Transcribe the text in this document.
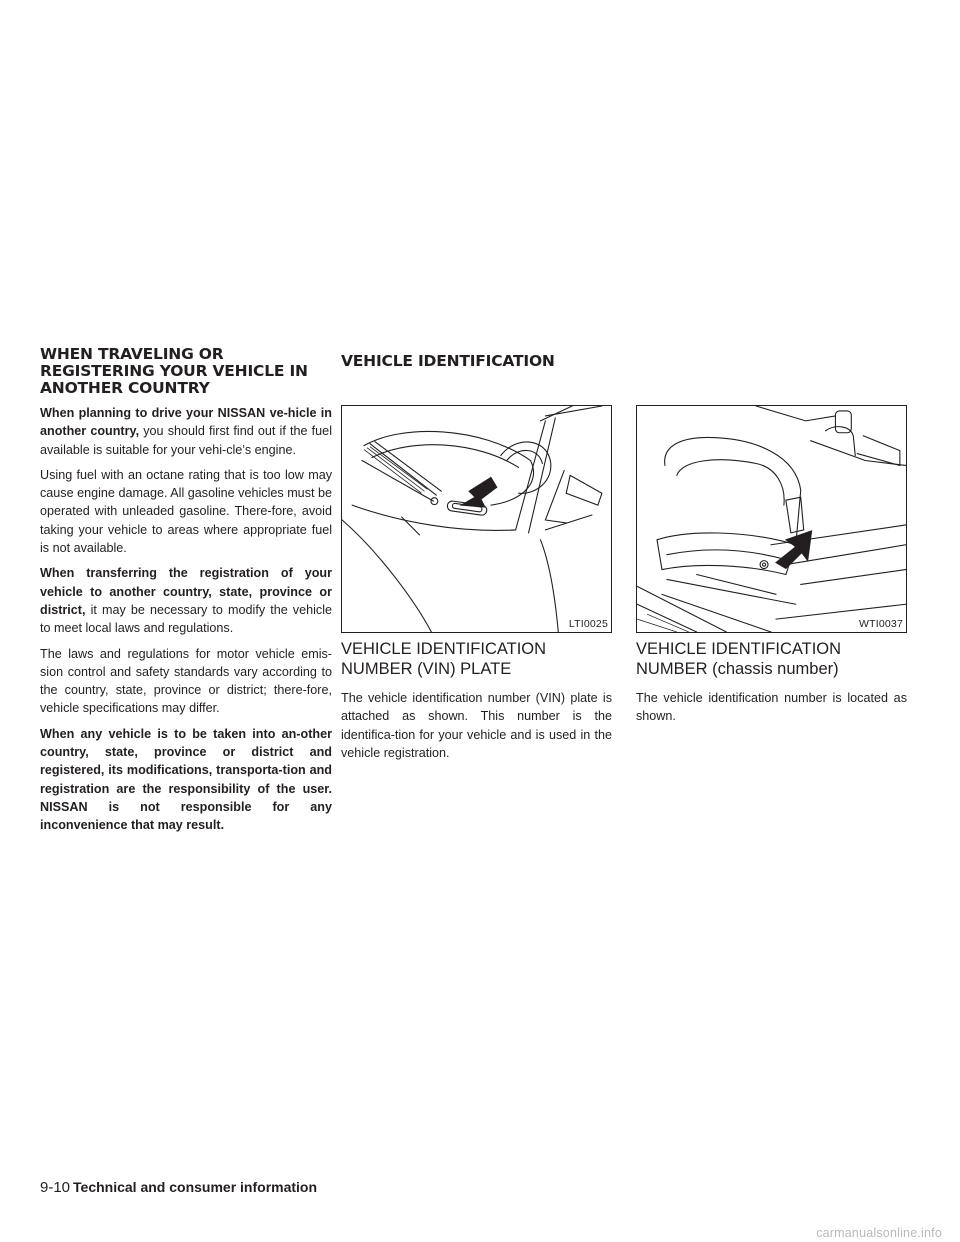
WHEN TRAVELING OR REGISTERING YOUR VEHICLE IN ANOTHER COUNTRY

When planning to drive your NISSAN ve-hicle in another country, you should first find out if the fuel available is suitable for your vehi-cle’s engine.

Using fuel with an octane rating that is too low may cause engine damage. All gasoline vehicles must be operated with unleaded gasoline. There-fore, avoid taking your vehicle to areas where appropriate fuel is not available.

When transferring the registration of your vehicle to another country, state, province or district, it may be necessary to modify the vehicle to meet local laws and regulations.

The laws and regulations for motor vehicle emis-sion control and safety standards vary according to the country, state, province or district; there-fore, vehicle specifications may differ.

When any vehicle is to be taken into an-other country, state, province or district and registered, its modifications, transporta-tion and registration are the responsibility of the user. NISSAN is not responsible for any inconvenience that may result.

VEHICLE IDENTIFICATION
LTI0025	WTI0037
VEHICLE IDENTIFICATION NUMBER (VIN) PLATE

The vehicle identification number (VIN) plate is attached as shown. This number is the identifica-tion for your vehicle and is used in the vehicle registration.

VEHICLE IDENTIFICATION NUMBER (chassis number)

The vehicle identification number is located as shown.

9-10 Technical and consumer information
carmanualsonline.info
